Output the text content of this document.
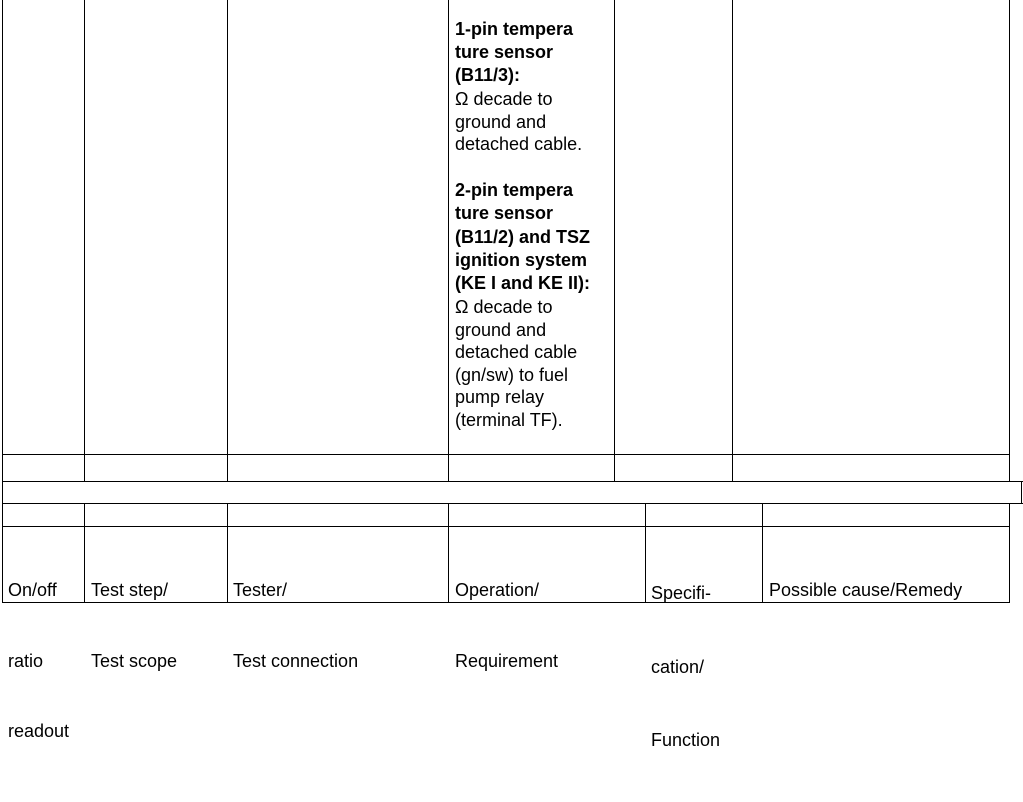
1-pin tempera
ture sensor
(B11/3):
Ω decade to
ground and
detached cable.
2-pin tempera
ture sensor
(B11/2) and TSZ
ignition system
(KE I and KE II):
Ω decade to
ground and
detached cable
(gn/sw) to fuel
pump relay
(terminal TF).

On/off

ratio

readout

Test step/

Test scope

Tester/

Test connection

Operation/

Requirement

Specifi-

cation/

Function

Possible cause/Remedy
